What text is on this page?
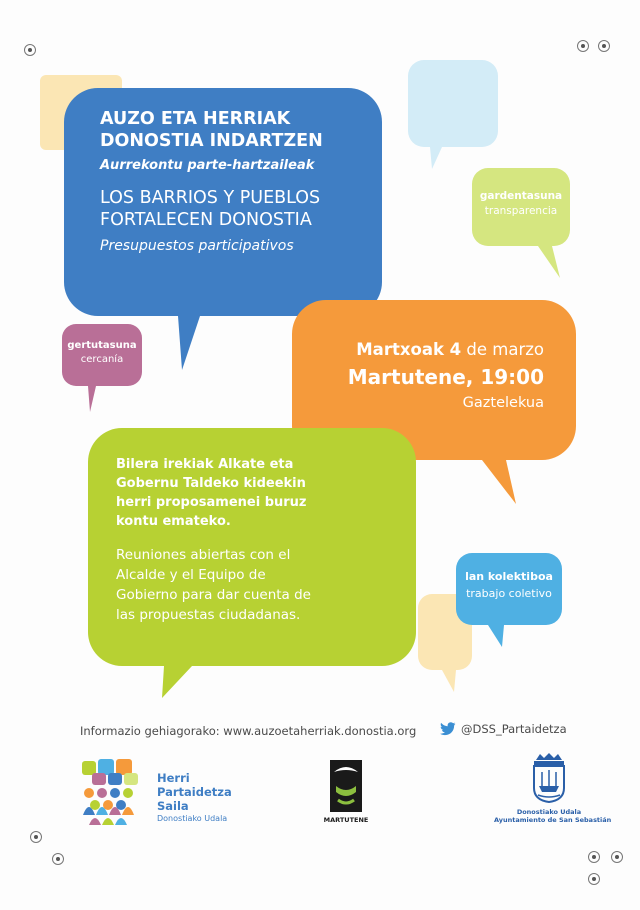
AUZO ETA HERRIAK
DONOSTIA INDARTZEN
Aurrekontu parte-hartzaileak
LOS BARRIOS Y PUEBLOS
FORTALECEN DONOSTIA
Presupuestos participativos
gardentasuna
transparencia
gertutasuna
cercanía
Martxoak 4 de marzo
Martutene, 19:00
Gaztelekua
Bilera irekiak Alkate eta
Gobernu Taldeko kideekin
herri proposamenei buruz
kontu emateko.
Reuniones abiertas con el
Alcalde y el Equipo de
Gobierno para dar cuenta de
las propuestas ciudadanas.
lan kolektiboa
trabajo coletivo
Informazio gehiagorako: www.auzoetaherriak.donostia.org	@DSS_Partaidetza
Herri
Partaidetza
Saila
Donostiako Udala	MARTUTENE
Donostiako Udala
Ayuntamiento de San Sebastián
